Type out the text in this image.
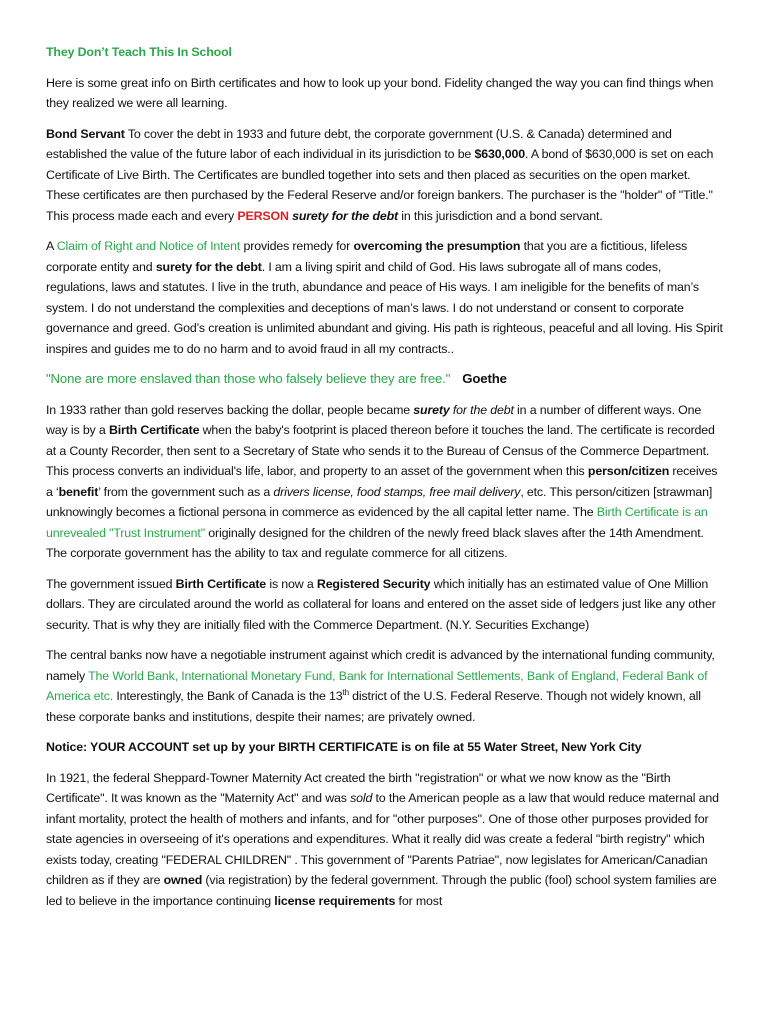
They Don’t Teach This In School

Here is some great info on Birth certificates and how to look up your bond. Fidelity changed the way you can find things when they realized we were all learning.

Bond Servant To cover the debt in 1933 and future debt, the corporate government (U.S. & Canada) determined and established the value of the future labor of each individual in its jurisdiction to be $630,000. A bond of $630,000 is set on each Certificate of Live Birth. The Certificates are bundled together into sets and then placed as securities on the open market. These certificates are then purchased by the Federal Reserve and/or foreign bankers. The purchaser is the "holder" of "Title." This process made each and every PERSON surety for the debt in this jurisdiction and a bond servant.

A Claim of Right and Notice of Intent provides remedy for overcoming the presumption that you are a fictitious, lifeless corporate entity and surety for the debt. I am a living spirit and child of God. His laws subrogate all of mans codes, regulations, laws and statutes. I live in the truth, abundance and peace of His ways. I am ineligible for the benefits of man’s system. I do not understand the complexities and deceptions of man’s laws. I do not understand or consent to corporate governance and greed. God’s creation is unlimited abundant and giving. His path is righteous, peaceful and all loving. His Spirit inspires and guides me to do no harm and to avoid fraud in all my contracts..

"None are more enslaved than those who falsely believe they are free." Goethe

In 1933 rather than gold reserves backing the dollar, people became surety for the debt in a number of different ways. One way is by a Birth Certificate when the baby's footprint is placed thereon before it touches the land. The certificate is recorded at a County Recorder, then sent to a Secretary of State who sends it to the Bureau of Census of the Commerce Department. This process converts an individual's life, labor, and property to an asset of the government when this person/citizen receives a ‘benefit’ from the government such as a drivers license, food stamps, free mail delivery, etc. This person/citizen [strawman] unknowingly becomes a fictional persona in commerce as evidenced by the all capital letter name. The Birth Certificate is an unrevealed "Trust Instrument" originally designed for the children of the newly freed black slaves after the 14th Amendment. The corporate government has the ability to tax and regulate commerce for all citizens.

The government issued Birth Certificate is now a Registered Security which initially has an estimated value of One Million dollars. They are circulated around the world as collateral for loans and entered on the asset side of ledgers just like any other security. That is why they are initially filed with the Commerce Department. (N.Y. Securities Exchange)

The central banks now have a negotiable instrument against which credit is advanced by the international funding community, namely The World Bank, International Monetary Fund, Bank for International Settlements, Bank of England, Federal Bank of America etc. Interestingly, the Bank of Canada is the 13th district of the U.S. Federal Reserve. Though not widely known, all these corporate banks and institutions, despite their names; are privately owned.

Notice: YOUR ACCOUNT set up by your BIRTH CERTIFICATE is on file at 55 Water Street, New York City

In 1921, the federal Sheppard-Towner Maternity Act created the birth "registration" or what we now know as the "Birth Certificate". It was known as the "Maternity Act" and was sold to the American people as a law that would reduce maternal and infant mortality, protect the health of mothers and infants, and for "other purposes". One of those other purposes provided for state agencies in overseeing of it's operations and expenditures. What it really did was create a federal "birth registry" which exists today, creating "FEDERAL CHILDREN" . This government of "Parents Patriae", now legislates for American/Canadian children as if they are owned (via registration) by the federal government. Through the public (fool) school system families are led to believe in the importance continuing license requirements for most
